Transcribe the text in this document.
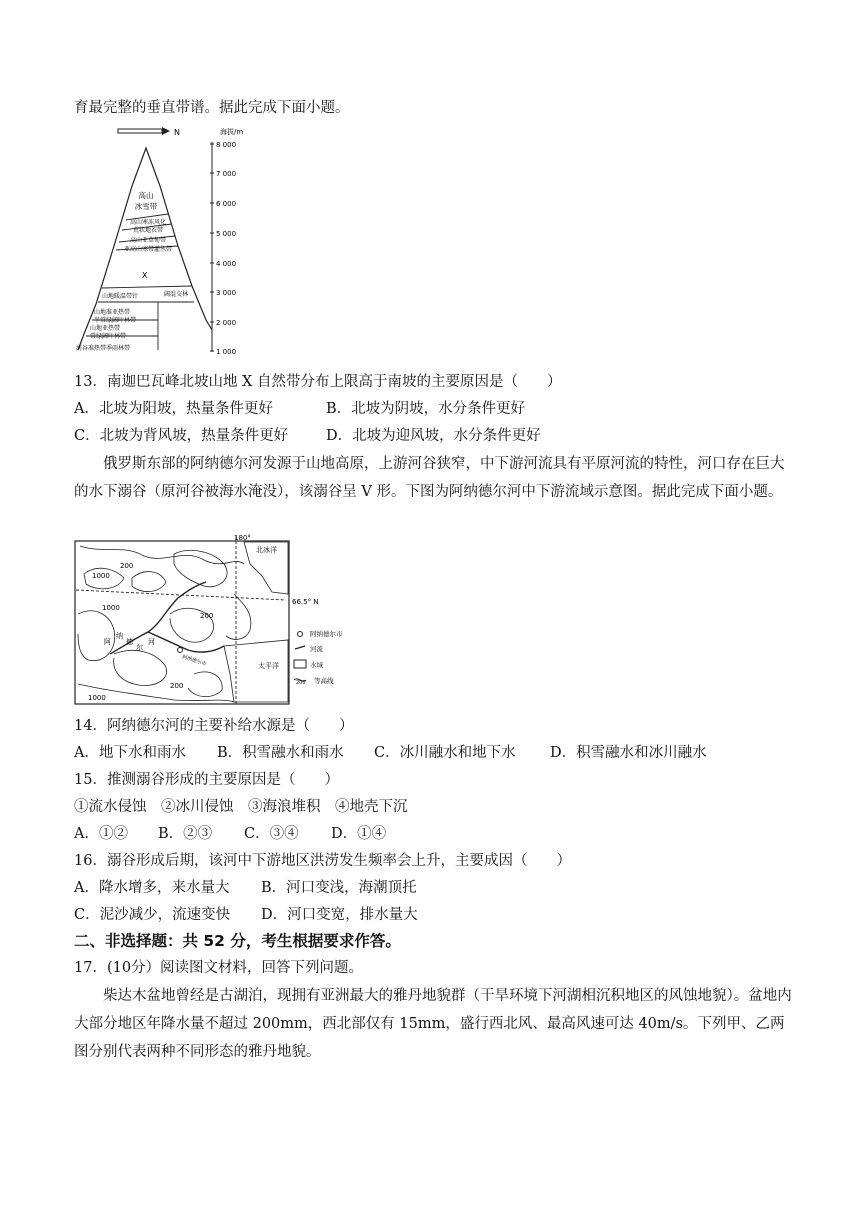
育最完整的垂直带谱。据此完成下面小题。
N	海拔/m
8 000
7 000
6 000
5 000
4 000
3 000
2 000
1 000
高山
冰雪带
高山寒冻风化
荒状地衣带
高山亚草甸带
亚高山寒带灌丛带
X
山地暖温带针	阔混交林
山地准亚热带
半常绿阔叶林带
山地亚热带
常绿阔叶林带
河谷准热带季雨林带
13．南迦巴瓦峰北坡山地 X 自然带分布上限高于南坡的主要原因是（　　）
A．北坡为阳坡，热量条件更好	B．北坡为阴坡，水分条件更好
C．北坡为背风坡，热量条件更好	D．北坡为迎风坡，水分条件更好
俄罗斯东部的阿纳德尔河发源于山地高原，上游河谷狭窄，中下游河流具有平原河流的特性，河口存在巨大的水下溺谷（原河谷被海水淹没），该溺谷呈 V 形。下图为阿纳德尔河中下游流域示意图。据此完成下面小题。
180°
北冰洋
66.5° N
太平洋
200
200
200
1000
1000
1000
阿
纳
德
尔
河
阿纳德尔市
阿纳德尔市
河流
水域
200 等高线
14．阿纳德尔河的主要补给水源是（　　）
A．地下水和雨水 B．积雪融水和雨水 C．冰川融水和地下水 D．积雪融水和冰川融水
15．推测溺谷形成的主要原因是（　　）
①流水侵蚀　②冰川侵蚀　③海浪堆积　④地壳下沉
A．①② B．②③ C．③④ D．①④
16．溺谷形成后期，该河中下游地区洪涝发生频率会上升，主要成因（　　）
A．降水增多，来水量大 B．河口变浅，海潮顶托
C．泥沙减少，流速变快 D．河口变宽，排水量大
二、非选择题：共 52 分，考生根据要求作答。
17．(10分）阅读图文材料，回答下列问题。
柴达木盆地曾经是古湖泊，现拥有亚洲最大的雅丹地貌群（干旱环境下河湖相沉积地区的风蚀地貌）。盆地内大部分地区年降水量不超过 200mm，西北部仅有 15mm，盛行西北风、最高风速可达 40m/s。下列甲、乙两图分别代表两种不同形态的雅丹地貌。
